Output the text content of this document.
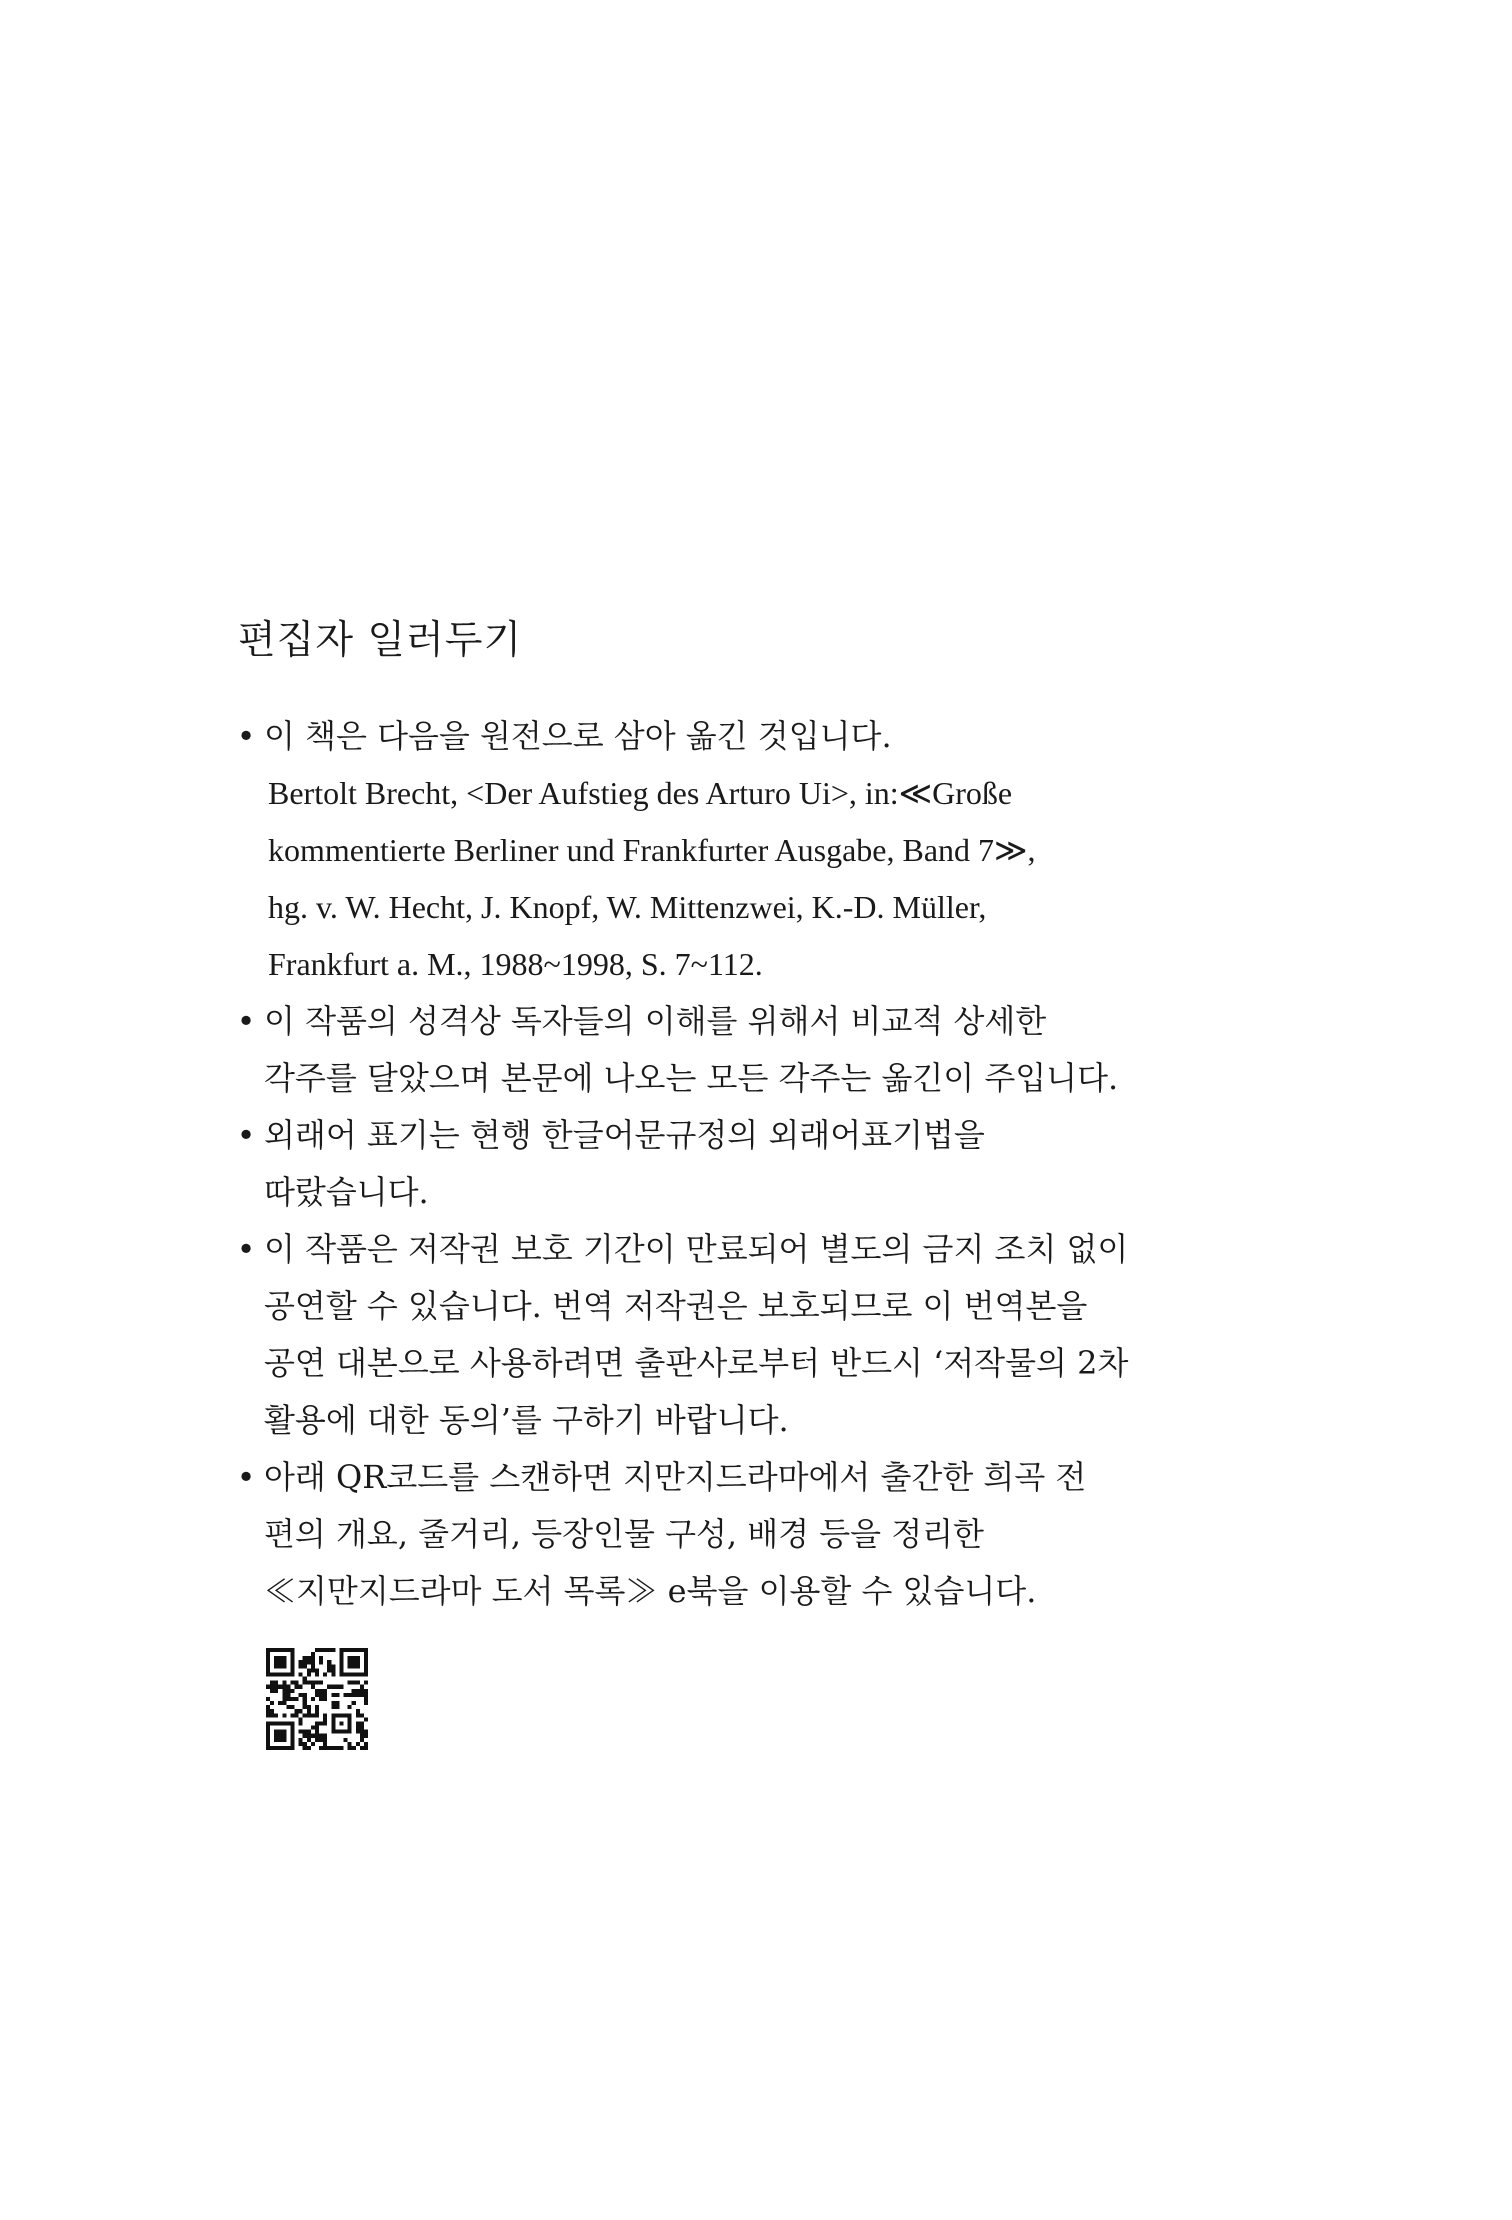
편집자 일러두기
• 이 책은 다음을 원전으로 삼아 옮긴 것입니다.
Bertolt Brecht, <Der Aufstieg des Arturo Ui>, in:≪Große
kommentierte Berliner und Frankfurter Ausgabe, Band 7≫,
hg. v. W. Hecht, J. Knopf, W. Mittenzwei, K.-D. Müller,
Frankfurt a. M., 1988~1998, S. 7~112.
• 이 작품의 성격상 독자들의 이해를 위해서 비교적 상세한
각주를 달았으며 본문에 나오는 모든 각주는 옮긴이 주입니다.
• 외래어 표기는 현행 한글어문규정의 외래어표기법을
따랐습니다.
• 이 작품은 저작권 보호 기간이 만료되어 별도의 금지 조치 없이
공연할 수 있습니다. 번역 저작권은 보호되므로 이 번역본을
공연 대본으로 사용하려면 출판사로부터 반드시 ‘저작물의 2차
활용에 대한 동의’를 구하기 바랍니다.
• 아래 QR코드를 스캔하면 지만지드라마에서 출간한 희곡 전
편의 개요, 줄거리, 등장인물 구성, 배경 등을 정리한
≪지만지드라마 도서 목록≫ e북을 이용할 수 있습니다.
